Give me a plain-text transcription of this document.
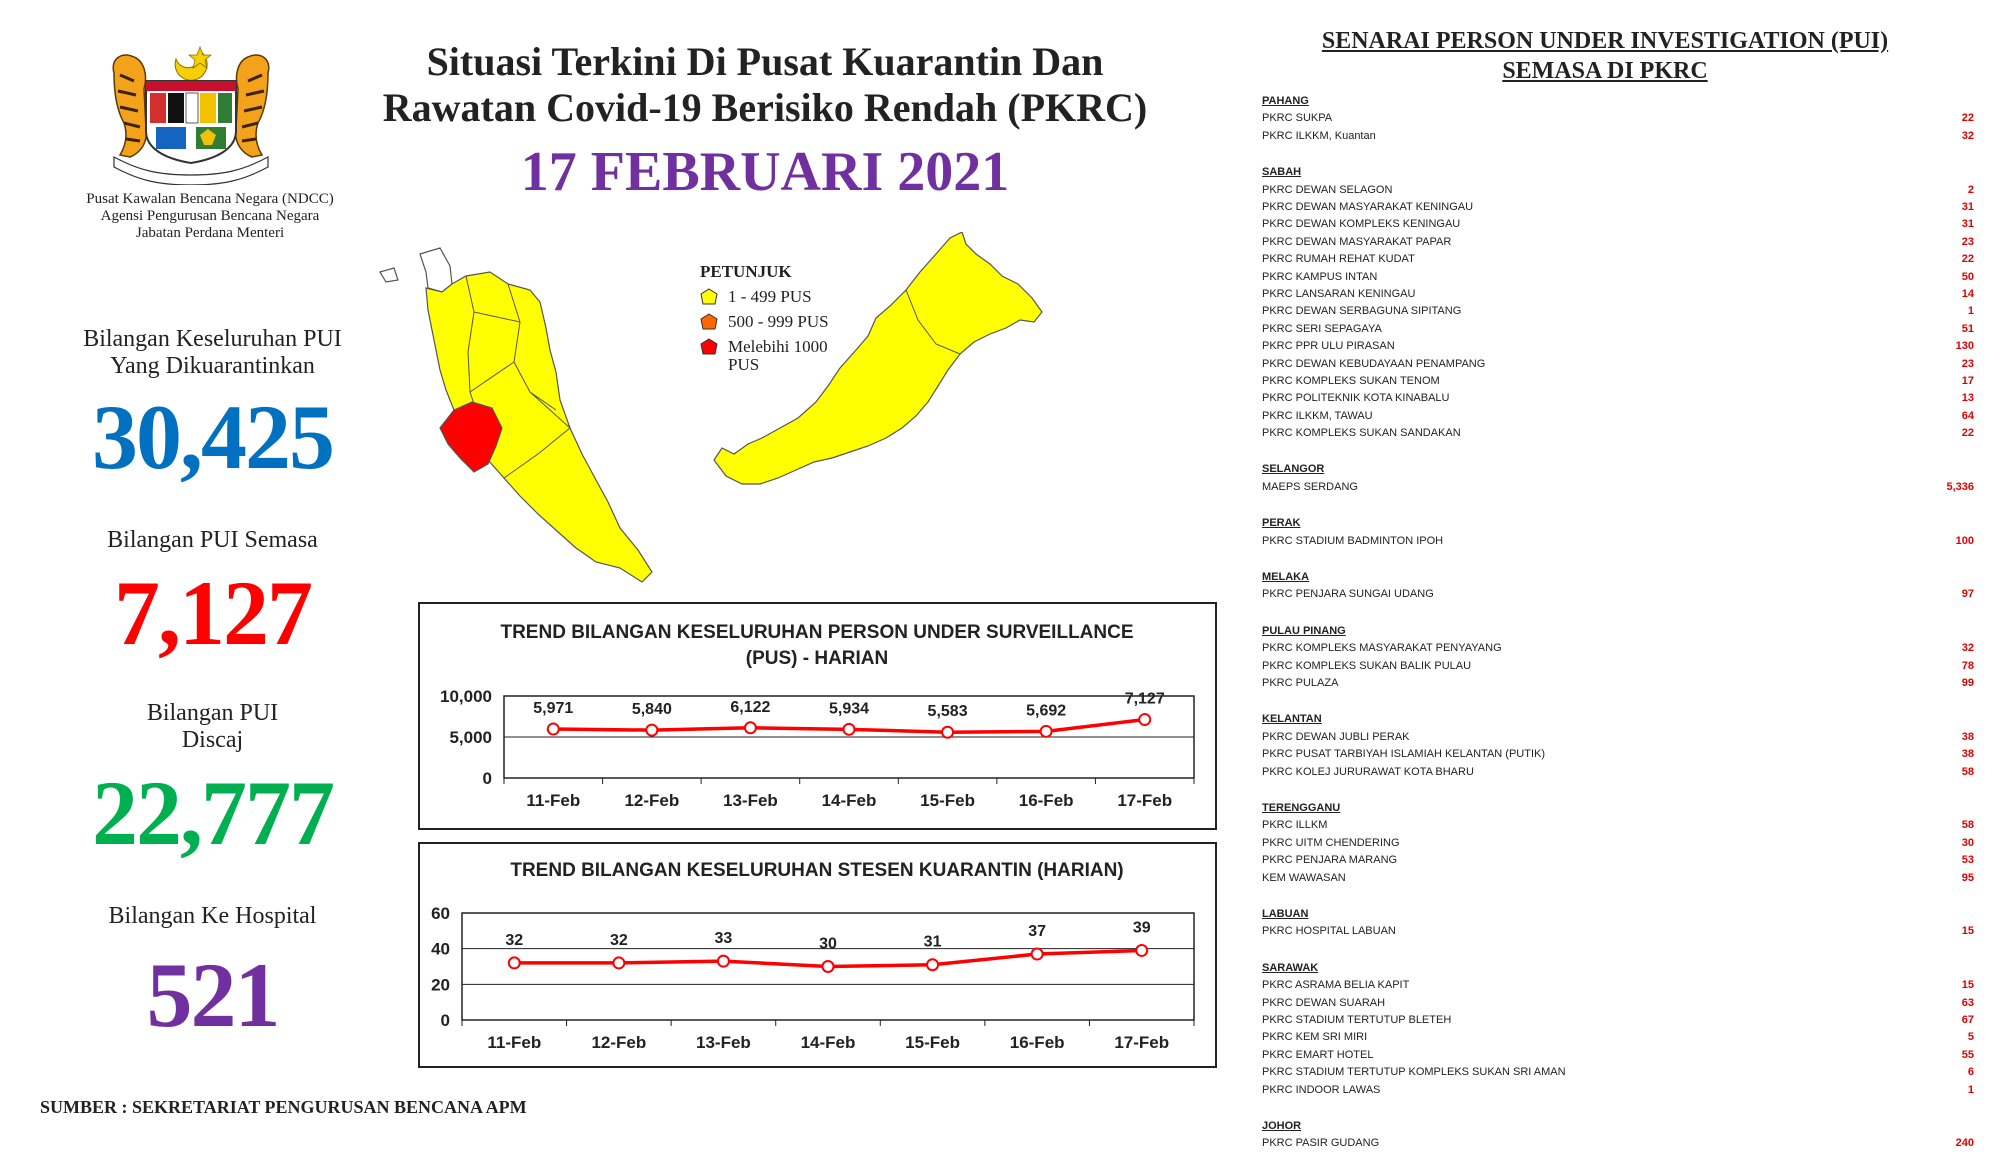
Pusat Kawalan Bencana Negara (NDCC)
Agensi Pengurusan Bencana Negara
Jabatan Perdana Menteri
Situasi Terkini Di Pusat Kuarantin Dan
Rawatan Covid-19 Berisiko Rendah (PKRC)
17 FEBRUARI 2021
Bilangan Keseluruhan PUI
Yang Dikuarantinkan
30,425
Bilangan PUI Semasa
7,127
Bilangan PUI
Discaj
22,777
Bilangan Ke Hospital
521
SUMBER : SEKRETARIAT PENGURUSAN BENCANA APM
PETUNJUK
1 - 499 PUS
500 - 999 PUS
Melebihi 1000 PUS
TREND BILANGAN KESELURUHAN PERSON UNDER SURVEILLANCE
(PUS) - HARIAN
0
5,000
10,000
11-Feb	12-Feb	13-Feb	14-Feb	15-Feb	16-Feb	17-Feb
5,971	5,840	6,122	5,934	5,583	5,692
7,127
TREND BILANGAN KESELURUHAN STESEN KUARANTIN (HARIAN)
0
20
40
60
11-Feb	12-Feb	13-Feb	14-Feb	15-Feb	16-Feb	17-Feb
32	32	33	30	31
37	39
SENARAI PERSON UNDER INVESTIGATION (PUI)
SEMASA DI PKRC
PAHANG
PKRC SUKPA	22
PKRC ILKKM, Kuantan	32
SABAH
PKRC DEWAN SELAGON	2
PKRC DEWAN MASYARAKAT KENINGAU	31
PKRC DEWAN KOMPLEKS KENINGAU	31
PKRC DEWAN MASYARAKAT PAPAR	23
PKRC RUMAH REHAT KUDAT	22
PKRC KAMPUS INTAN	50
PKRC LANSARAN KENINGAU	14
PKRC DEWAN SERBAGUNA SIPITANG	1
PKRC SERI SEPAGAYA	51
PKRC PPR ULU PIRASAN	130
PKRC DEWAN KEBUDAYAAN PENAMPANG	23
PKRC KOMPLEKS SUKAN TENOM	17
PKRC POLITEKNIK KOTA KINABALU	13
PKRC ILKKM, TAWAU	64
PKRC KOMPLEKS SUKAN SANDAKAN	22
SELANGOR
MAEPS SERDANG	5,336
PERAK
PKRC STADIUM BADMINTON IPOH	100
MELAKA
PKRC PENJARA SUNGAI UDANG	97
PULAU PINANG
PKRC KOMPLEKS MASYARAKAT PENYAYANG	32
PKRC KOMPLEKS SUKAN BALIK PULAU	78
PKRC PULAZA	99
KELANTAN
PKRC DEWAN JUBLI PERAK	38
PKRC PUSAT TARBIYAH ISLAMIAH KELANTAN (PUTIK)	38
PKRC KOLEJ JURURAWAT KOTA BHARU	58
TERENGGANU
PKRC ILLKM	58
PKRC UITM CHENDERING	30
PKRC PENJARA MARANG	53
KEM WAWASAN	95
LABUAN
PKRC HOSPITAL LABUAN	15
SARAWAK
PKRC ASRAMA BELIA KAPIT	15
PKRC DEWAN SUARAH	63
PKRC STADIUM TERTUTUP BLETEH	67
PKRC KEM SRI MIRI	5
PKRC EMART HOTEL	55
PKRC STADIUM TERTUTUP KOMPLEKS SUKAN SRI AMAN	6
PKRC INDOOR LAWAS	1
JOHOR
PKRC PASIR GUDANG	240
